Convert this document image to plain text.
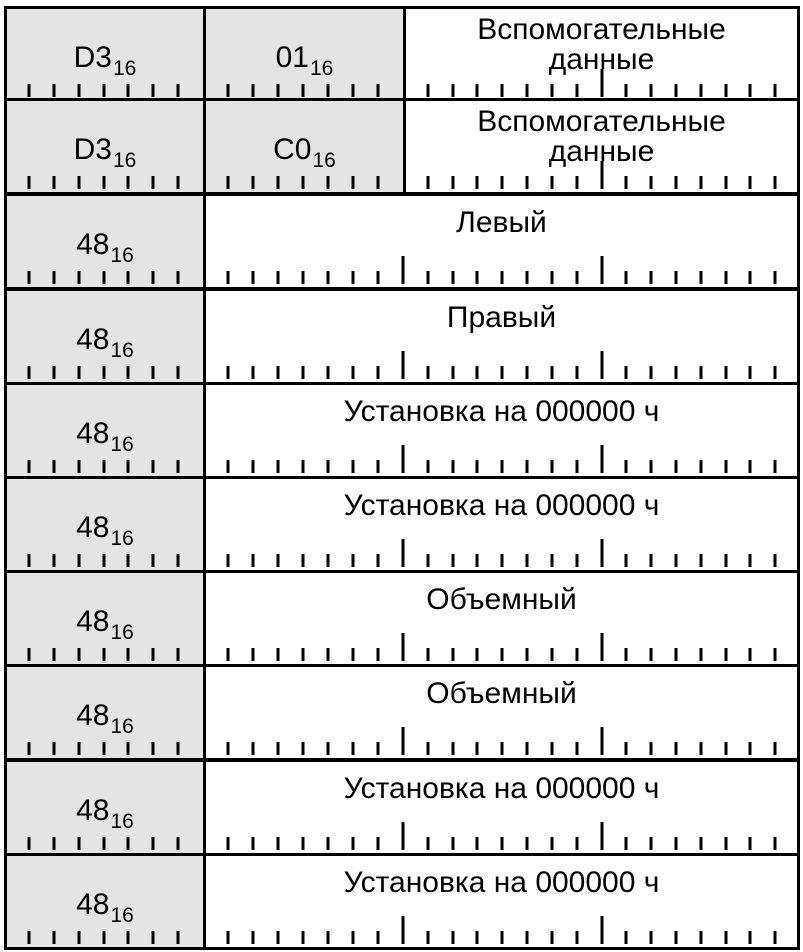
$D3_{16}$	$01_{16}$
Вспомогательные
данные
$D3_{16}$	$C0_{16}$
Вспомогательные
данные
$48_{16}$
Левый
$48_{16}$
Правый
$48_{16}$
Установка на 000000 ч
$48_{16}$
Установка на 000000 ч
$48_{16}$
Объемный
$48_{16}$
Объемный
$48_{16}$
Установка на 000000 ч
$48_{16}$
Установка на 000000 ч
